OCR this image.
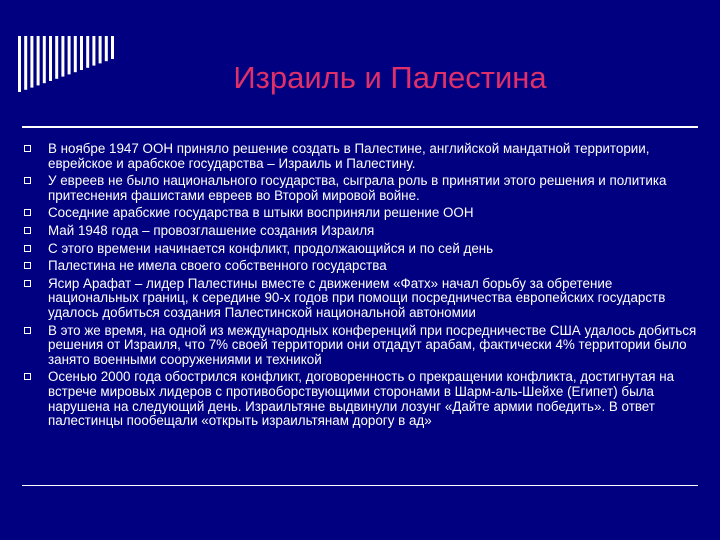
Израиль и Палестина
В ноябре 1947 ООН приняло решение создать в Палестине, английской мандатной территории, еврейское и арабское государства – Израиль и Палестину.
У евреев не было национального государства, сыграла роль в принятии этого решения и политика притеснения фашистами евреев во Второй мировой войне.
Соседние арабские государства в штыки восприняли решение ООН
Май 1948 года – провозглашение создания Израиля
С этого времени начинается конфликт, продолжающийся и по сей день
Палестина не имела своего собственного государства
Ясир Арафат – лидер Палестины вместе с движением «Фатх» начал борьбу за обретение национальных границ, к середине 90-х годов при помощи посредничества европейских государств удалось добиться создания Палестинской национальной автономии
В это же время, на одной из международных конференций при посредничестве США удалось добиться решения от Израиля, что 7% своей территории они отдадут арабам, фактически 4% территории было занято военными сооружениями и техникой
Осенью 2000 года обострился конфликт, договоренность о прекращении конфликта, достигнутая на встрече мировых лидеров с противоборствующими сторонами в Шарм-аль-Шейхе (Египет) была нарушена на следующий день. Израильтяне выдвинули лозунг «Дайте армии победить». В ответ палестинцы пообещали «открыть израильтянам дорогу в ад»
